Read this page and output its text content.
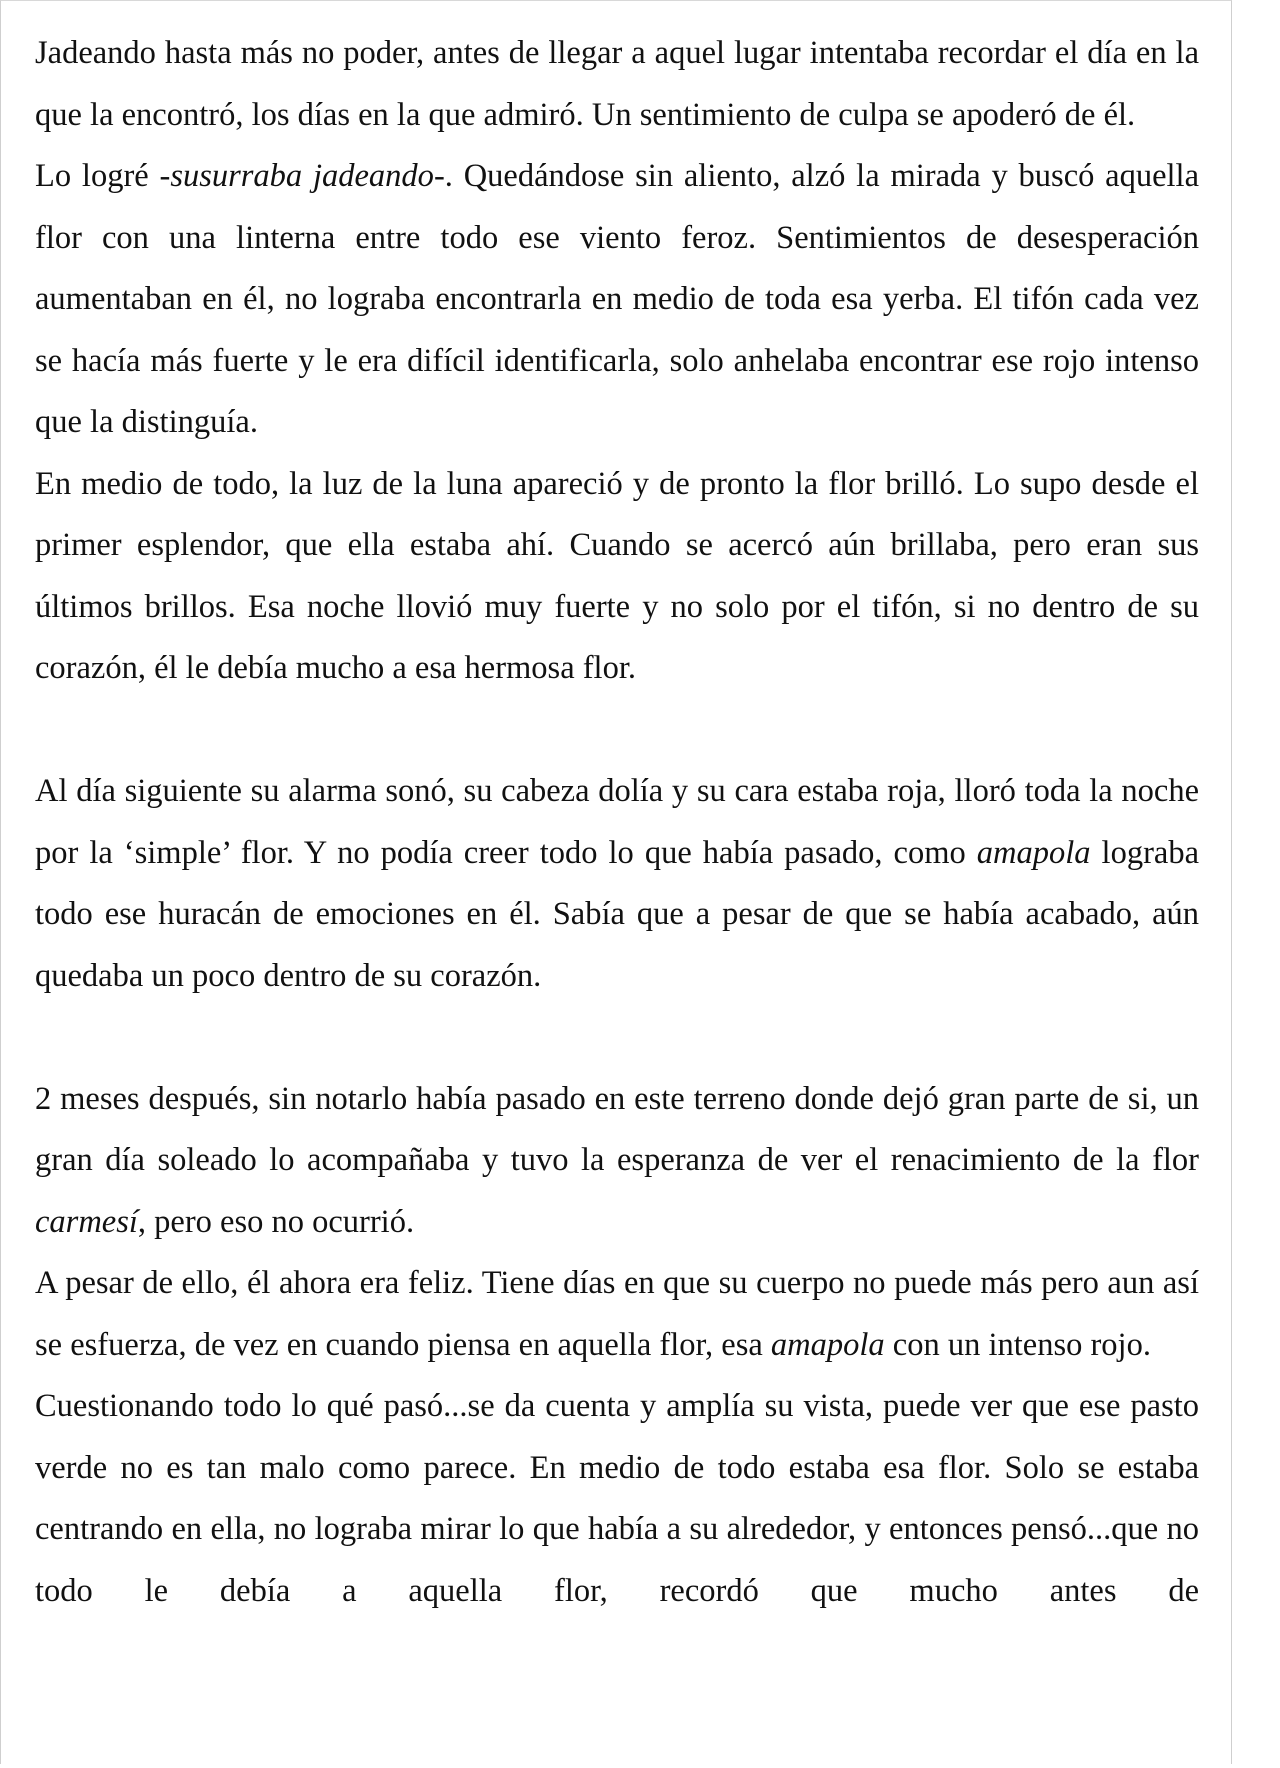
Jadeando hasta más no poder, antes de llegar a aquel lugar intentaba recordar el día en la que la encontró, los días en la que admiró. Un sentimiento de culpa se apoderó de él.

Lo logré -susurraba jadeando-. Quedándose sin aliento, alzó la mirada y buscó aquella flor con una linterna entre todo ese viento feroz. Sentimientos de desesperación aumentaban en él, no lograba encontrarla en medio de toda esa yerba. El tifón cada vez se hacía más fuerte y le era difícil identificarla, solo anhelaba encontrar ese rojo intenso que la distinguía.

En medio de todo, la luz de la luna apareció y de pronto la flor brilló. Lo supo desde el primer esplendor, que ella estaba ahí. Cuando se acercó aún brillaba, pero eran sus últimos brillos. Esa noche llovió muy fuerte y no solo por el tifón, si no dentro de su corazón, él le debía mucho a esa hermosa flor.

Al día siguiente su alarma sonó, su cabeza dolía y su cara estaba roja, lloró toda la noche por la ‘simple’ flor. Y no podía creer todo lo que había pasado, como amapola lograba todo ese huracán de emociones en él. Sabía que a pesar de que se había acabado, aún quedaba un poco dentro de su corazón.

2 meses después, sin notarlo había pasado en este terreno donde dejó gran parte de si, un gran día soleado lo acompañaba y tuvo la esperanza de ver el renacimiento de la flor carmesí, pero eso no ocurrió.

A pesar de ello, él ahora era feliz. Tiene días en que su cuerpo no puede más pero aun así se esfuerza, de vez en cuando piensa en aquella flor, esa amapola con un intenso rojo.

Cuestionando todo lo qué pasó...se da cuenta y amplía su vista, puede ver que ese pasto verde no es tan malo como parece. En medio de todo estaba esa flor. Solo se estaba centrando en ella, no lograba mirar lo que había a su alrededor, y entonces pensó...que no todo le debía a aquella flor, recordó que mucho antes de
